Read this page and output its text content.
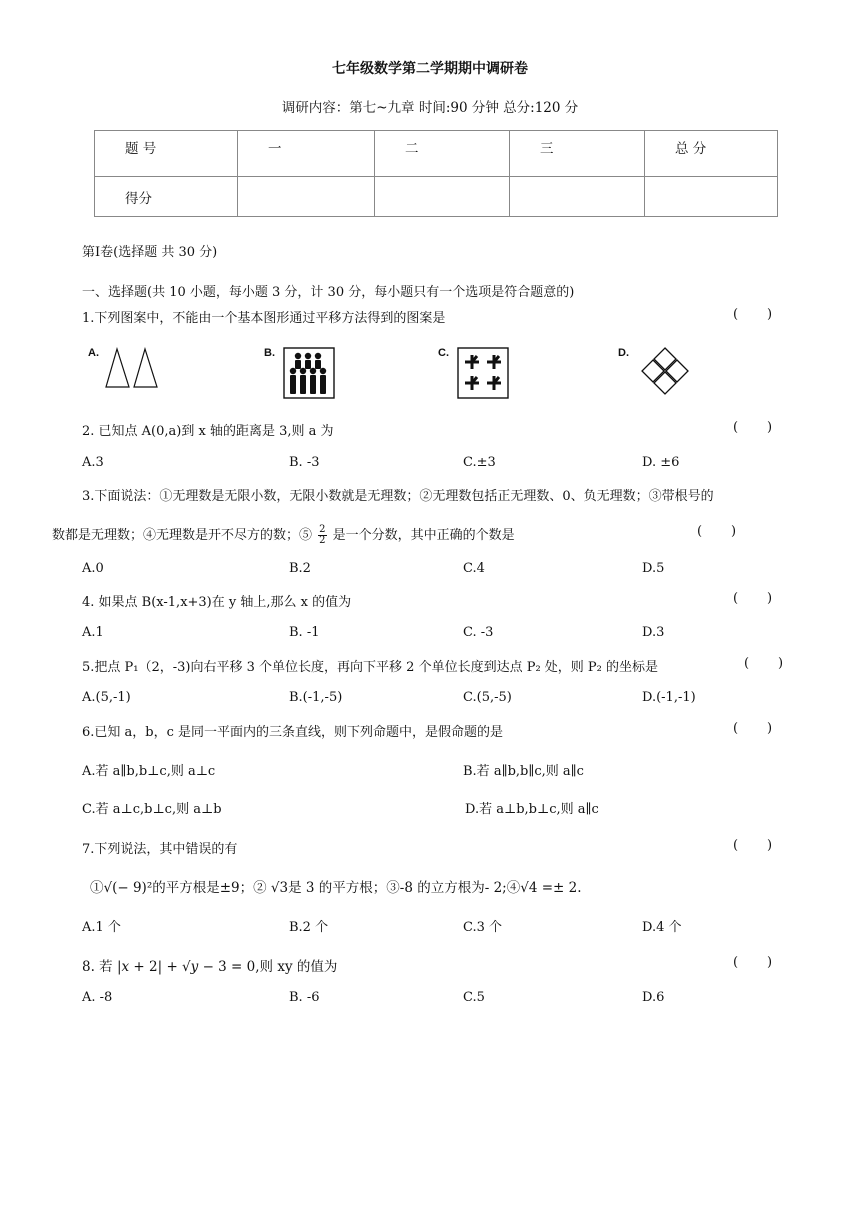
七年级数学第二学期期中调研卷
调研内容：第七~九章 时间:90 分钟 总分:120 分
题 号	一	二	三	总 分
得分				
第Ⅰ卷(选择题 共 30 分)
一、选择题(共 10 小题，每小题 3 分，计 30 分，每小题只有一个选项是符合题意的)
1.下列图案中，不能由一个基本图形通过平移方法得到的图案是	(       )
A.	B.	C.	D.
2. 已知点 A(0,a)到 x 轴的距离是 3,则 a 为	(       )
A.3	B. -3	C.±3	D. ±6
3.下面说法：①无理数是无限小数，无限小数就是无理数；②无理数包括正无理数、0、负无理数；③带根号的
数都是无理数；④无理数是开不尽方的数；⑤ $\frac{2}{2}$ 是一个分数，其中正确的个数是	(       )
A.0	B.2	C.4	D.5
4. 如果点 B(x-1,x+3)在 y 轴上,那么 x 的值为	(       )
A.1	B. -1	C. -3	D.3
5.把点 P₁（2，-3)向右平移 3 个单位长度，再向下平移 2 个单位长度到达点 P₂ 处，则 P₂ 的坐标是	(       )
A.(5,-1)	B.(-1,-5)	C.(5,-5)	D.(-1,-1)
6.已知 a，b，c 是同一平面内的三条直线，则下列命题中，是假命题的是	(       )
A.若 a∥b,b⊥c,则 a⊥c	B.若 a∥b,b∥c,则 a∥c
C.若 a⊥c,b⊥c,则 a⊥b	D.若 a⊥b,b⊥c,则 a∥c
7.下列说法，其中错误的有	(       )
①√(− 9)²的平方根是±9；② √3是 3 的平方根；③-8 的立方根为- 2;④√4 =± 2.
A.1 个	B.2 个	C.3 个	D.4 个
8. 若 |𝑥 + 2| + √𝑦 − 3 = 0,则 xy 的值为	(       )
A. -8	B. -6	C.5	D.6
